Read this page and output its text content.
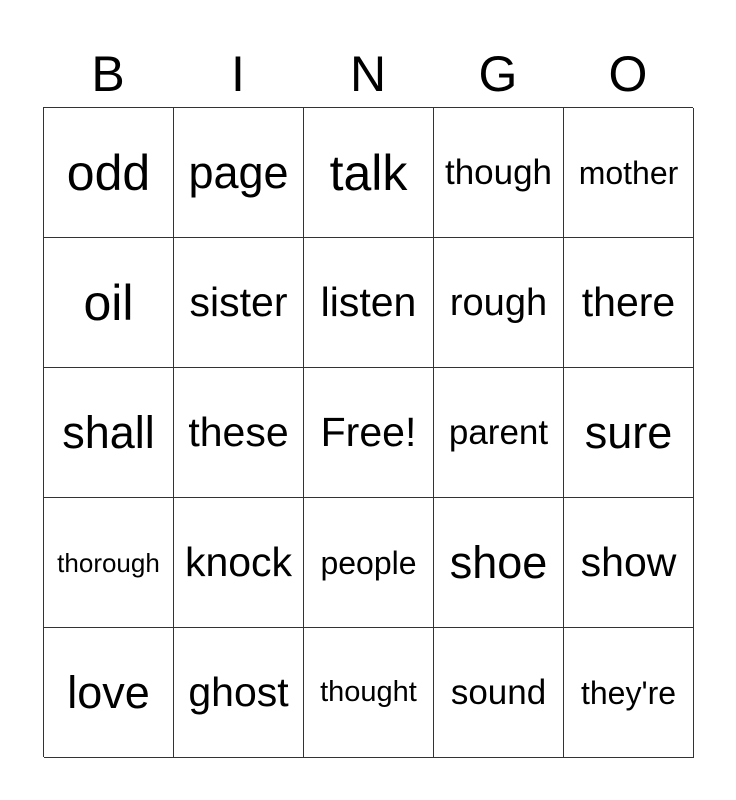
B	I	N	G	O
odd page talk	though mother
oil	sister listen rough there
shall these Free! parent sure
thorough knock people shoe show
love ghost	thought sound	they're
